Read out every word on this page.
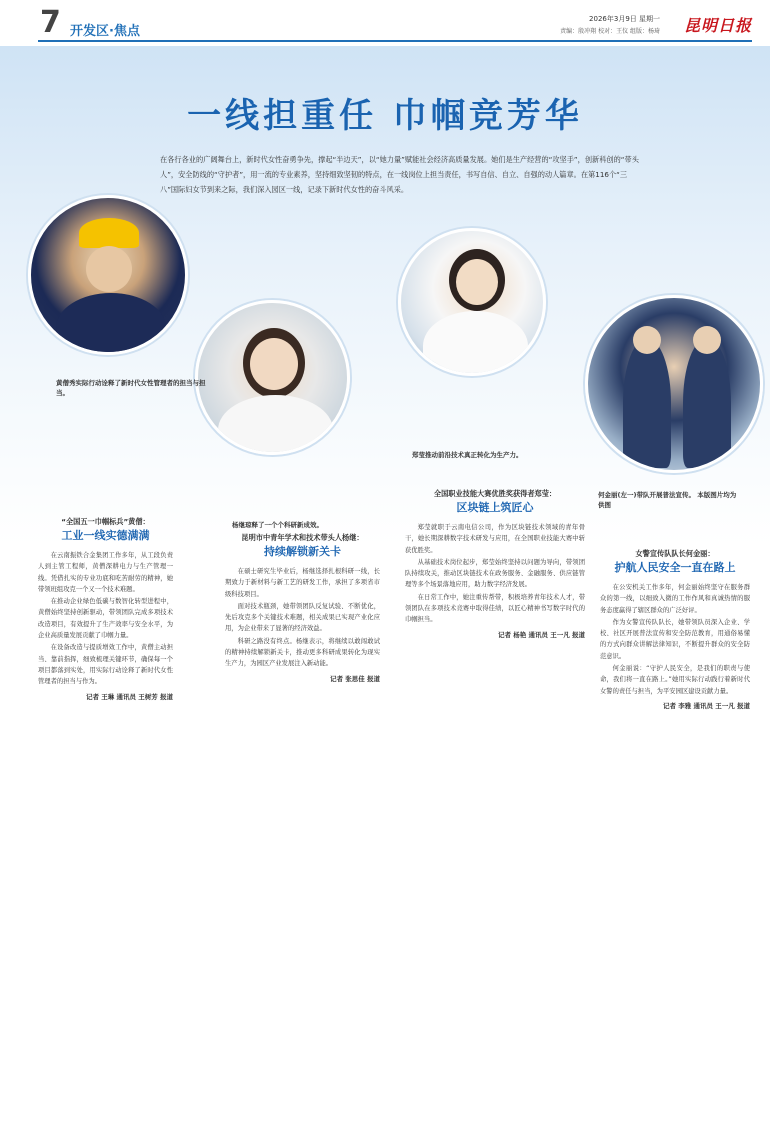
7 开发区·焦点
2026年3月9日 星期一
责编：殷冲翔 校对：王仪 组版：杨琦 昆明日报
一线担重任 巾帼竞芳华
在各行各业的广阔舞台上，新时代女性奋勇争先，撑起“半边天”，以“她力量”赋能社会经济高质量发展。她们是生产经营的“攻坚手”，创新科创的“带头人”，安全防线的“守护者”，用一流的专业素养，坚持细致坚韧的特点，在一线岗位上担当责任，书写自信、自立、自强的动人篇章。在第116个“三八”国际妇女节到来之际，我们深入园区一线，记录下新时代女性的奋斗风采。
黄僧秀实际行动诠释了新时代女性管理者的担当与担当。
杨继琼释了一个个科研新成效。
郑莹推动前沿技术真正转化为生产力。
何金丽(左一)带队开展普法宣传。 本版图片均为供图
“全国五一巾帼标兵”黄僧：
工业一线实德满满

在云南振铁合金集团工作多年，从工段负责人到主管工程师，黄僧深耕电力与生产管理一线。凭借扎实的专业功底和吃苦耐劳的精神，她带领班组攻克一个又一个技术难题。

在推动企业绿色低碳与数智化转型进程中，黄僧始终坚持创新驱动，带领团队完成多项技术改造项目，有效提升了生产效率与安全水平，为企业高质量发展贡献了巾帼力量。

在设备改造与提质增效工作中，黄僧主动担当、靠前指挥，细致梳理关键环节，确保每一个项目都落到实处，用实际行动诠释了新时代女性管理者的担当与作为。

记者 王琳 通讯员 王树芳 报道
昆明市中青年学术和技术带头人杨继：
持续解锁新关卡

在硕士研究生毕业后，杨继选择扎根科研一线，长期致力于新材料与新工艺的研发工作，承担了多项省市级科技项目。

面对技术瓶颈，她带领团队反复试验、不断优化，先后攻克多个关键技术难题，相关成果已实现产业化应用，为企业带来了显著的经济效益。

科研之路没有终点。杨继表示，将继续以敢闯敢试的精神持续解锁新关卡，推动更多科研成果转化为现实生产力，为园区产业发展注入新动能。

记者 张思佳 报道
全国职业技能大赛优胜奖获得者郑莹：
区块链上筑匠心

郑莹就职于云南电信公司，作为区块链技术领域的青年骨干，她长期深耕数字技术研发与应用，在全国职业技能大赛中斩获优胜奖。

从基础技术岗位起步，郑莹始终坚持以问题为导向，带领团队持续攻关，推动区块链技术在政务服务、金融服务、供应链管理等多个场景落地应用，助力数字经济发展。

在日常工作中，她注重传帮带，积极培养青年技术人才，带领团队在多项技术竞赛中取得佳绩，以匠心精神书写数字时代的巾帼担当。

记者 杨艳 通讯员 王一凡 报道
女警宣传队队长何金丽：
护航人民安全一直在路上

在公安机关工作多年，何金丽始终坚守在服务群众的第一线，以细致入微的工作作风和真诚热情的服务态度赢得了辖区群众的广泛好评。

作为女警宣传队队长，她带领队员深入企业、学校、社区开展普法宣传和安全防范教育，用通俗易懂的方式向群众讲解法律知识，不断提升群众的安全防范意识。

何金丽说：“守护人民安全，是我们的职责与使命，我们将一直在路上。”她用实际行动践行着新时代女警的责任与担当，为平安园区建设贡献力量。

记者 李雅 通讯员 王一凡 报道
